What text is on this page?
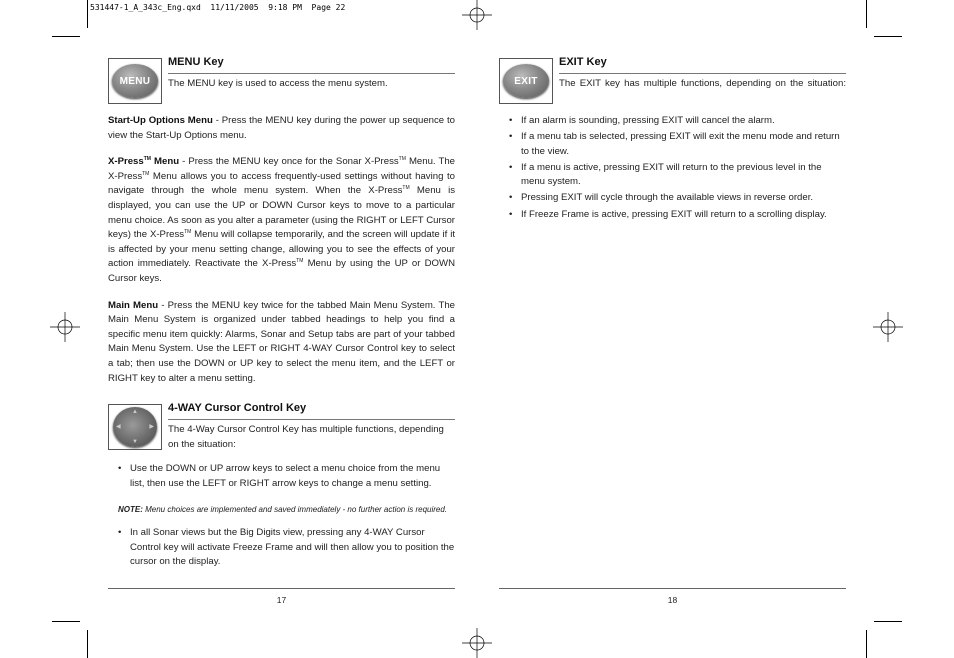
531447-1_A_343c_Eng.qxd  11/11/2005  9:18 PM  Page 22
MENU
MENU Key
The MENU key is used to access the menu system.

Start-Up Options Menu - Press the MENU key during the power up sequence to view the Start-Up Options menu.

X-Press™ Menu - Press the MENU key once for the Sonar X-Press™ Menu. The X-Press™ Menu allows you to access frequently-used settings without having to navigate through the whole menu system. When the X-Press™ Menu is displayed, you can use the UP or DOWN Cursor keys to move to a particular menu choice. As soon as you alter a parameter (using the RIGHT or LEFT Cursor keys) the X-Press™ Menu will collapse temporarily, and the screen will update if it is affected by your menu setting change, allowing you to see the effects of your action immediately. Reactivate the X-Press™ Menu by using the UP or DOWN Cursor keys.

Main Menu - Press the MENU key twice for the tabbed Main Menu System. The Main Menu System is organized under tabbed headings to help you find a specific menu item quickly: Alarms, Sonar and Setup tabs are part of your tabbed Main Menu System. Use the LEFT or RIGHT 4-WAY Cursor Control key to select a tab; then use the DOWN or UP key to select the menu item, and the LEFT or RIGHT key to alter a menu setting.

▲
▼
◀	▶
4-WAY Cursor Control Key
The 4-Way Cursor Control Key has multiple functions, depending on the situation:
• Use the DOWN or UP arrow keys to select a menu choice from the menu list, then use the LEFT or RIGHT arrow keys to change a menu setting.

NOTE: Menu choices are implemented and saved immediately - no further action is required.

• In all Sonar views but the Big Digits view, pressing any 4-WAY Cursor Control key will activate Freeze Frame and will then allow you to position the cursor on the display.
EXIT
EXIT Key
The EXIT key has multiple functions, depending on the situation:
• If an alarm is sounding, pressing EXIT will cancel the alarm.
• If a menu tab is selected, pressing EXIT will exit the menu mode and return to the view.
• If a menu is active, pressing EXIT will return to the previous level in the menu system.
• Pressing EXIT will cycle through the available views in reverse order.
• If Freeze Frame is active, pressing EXIT will return to a scrolling display.
17	18
